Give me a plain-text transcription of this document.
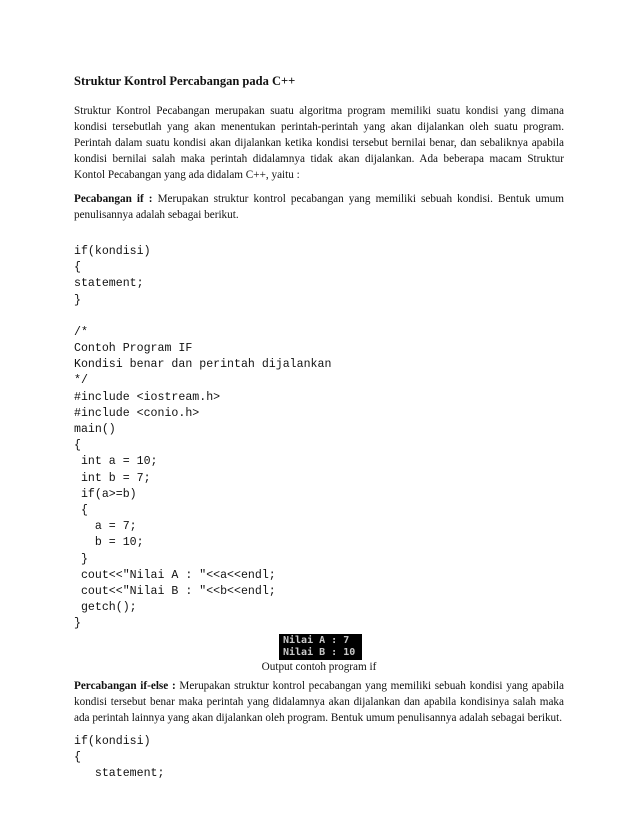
Struktur Kontrol Percabangan pada C++

Struktur Kontrol Pecabangan merupakan suatu algoritma program memiliki suatu kondisi yang dimana kondisi tersebutlah yang akan menentukan perintah-perintah yang akan dijalankan oleh suatu program. Perintah dalam suatu kondisi akan dijalankan ketika kondisi tersebut bernilai benar, dan sebaliknya apabila kondisi bernilai salah maka perintah didalamnya tidak akan dijalankan. Ada beberapa macam Struktur Kontol Pecabangan yang ada didalam C++, yaitu :

Pecabangan if : Merupakan struktur kontrol pecabangan yang memiliki sebuah kondisi. Bentuk umum penulisannya adalah sebagai berikut.

if(kondisi)
{
statement;
}
/*
Contoh Program IF
Kondisi benar dan perintah dijalankan
*/
#include <iostream.h>
#include <conio.h>
main()
{
int a = 10;
int b = 7;
if(a>=b)
{
a = 7;
b = 10;
}
cout<<"Nilai A : "<<a<<endl;
cout<<"Nilai B : "<<b<<endl;
getch();
}
Nilai A : 7
Nilai B : 10
Output contoh program if

Percabangan if-else : Merupakan struktur kontrol pecabangan yang memiliki sebuah kondisi yang apabila kondisi tersebut benar maka perintah yang didalamnya akan dijalankan dan apabila kondisinya salah maka ada perintah lainnya yang akan dijalankan oleh program. Bentuk umum penulisannya adalah sebagai berikut.

if(kondisi)
{
statement;
